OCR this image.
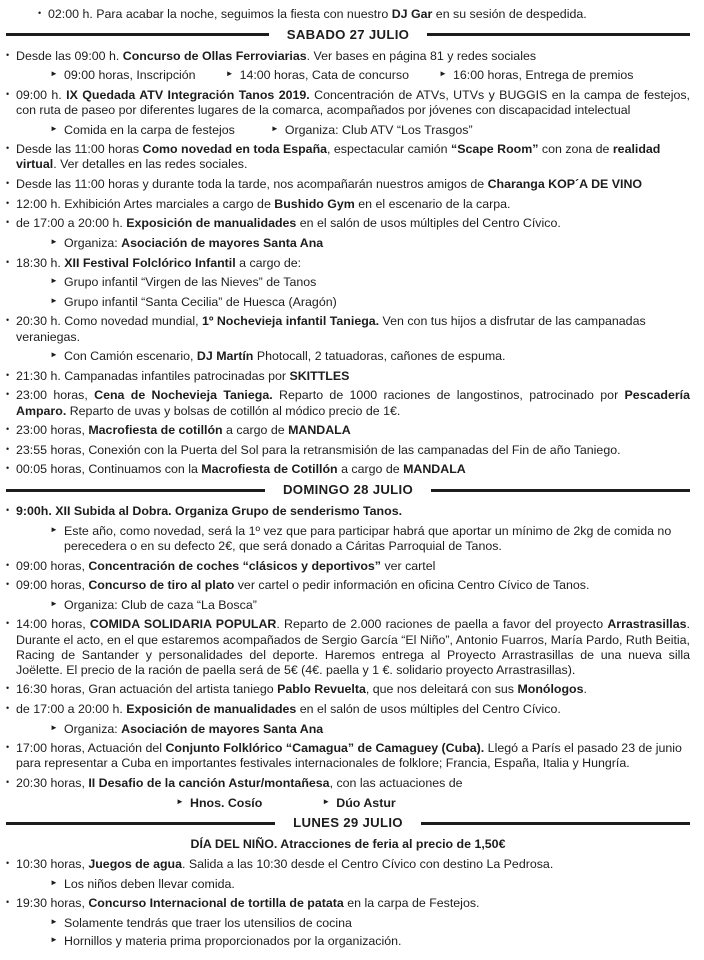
• 02:00 h. Para acabar la noche, seguimos la fiesta con nuestro DJ Gar en su sesión de despedida.
SABADO 27 JULIO
• Desde las 09:00 h. Concurso de Ollas Ferroviarias. Ver bases en página 81 y redes sociales
► 09:00 horas, Inscripción	► 14:00 horas, Cata de concurso	► 16:00 horas, Entrega de premios
• 09:00 h. IX Quedada ATV Integración Tanos 2019. Concentración de ATVs, UTVs y BUGGIS en la campa de festejos, con ruta de paseo por diferentes lugares de la comarca, acompañados por jóvenes con discapacidad intelectual
► Comida en la carpa de festejos	► Organiza: Club ATV “Los Trasgos”
• Desde las 11:00 horas Como novedad en toda España, espectacular camión “Scape Room” con zona de realidad virtual. Ver detalles en las redes sociales.
• Desde las 11:00 horas y durante toda la tarde, nos acompañarán nuestros amigos de Charanga KOP´A DE VINO
• 12:00 h. Exhibición Artes marciales a cargo de Bushido Gym en el escenario de la carpa.
• de 17:00 a 20:00 h. Exposición de manualidades en el salón de usos múltiples del Centro Cívico.
► Organiza: Asociación de mayores Santa Ana
• 18:30 h. XII Festival Folclórico Infantil a cargo de:
► Grupo infantil “Virgen de las Nieves” de Tanos
► Grupo infantil “Santa Cecilia” de Huesca (Aragón)
• 20:30 h. Como novedad mundial, 1º Nochevieja infantil Taniega. Ven con tus hijos a disfrutar de las campanadas veraniegas.
► Con Camión escenario, DJ Martín Photocall, 2 tatuadoras, cañones de espuma.
• 21:30 h. Campanadas infantiles patrocinadas por SKITTLES
• 23:00 horas, Cena de Nochevieja Taniega. Reparto de 1000 raciones de langostinos, patrocinado por Pescadería Amparo. Reparto de uvas y bolsas de cotillón al módico precio de 1€.
• 23:00 horas, Macrofiesta de cotillón a cargo de MANDALA
• 23:55 horas, Conexión con la Puerta del Sol para la retransmisión de las campanadas del Fin de año Taniego.
• 00:05 horas, Continuamos con la Macrofiesta de Cotillón a cargo de MANDALA
DOMINGO 28 JULIO
• 9:00h. XII Subida al Dobra. Organiza Grupo de senderismo Tanos.
► Este año, como novedad, será la 1º vez que para participar habrá que aportar un mínimo de 2kg de comida no perecedera o en su defecto 2€, que será donado a Cáritas Parroquial de Tanos.
• 09:00 horas, Concentración de coches “clásicos y deportivos” ver cartel
• 09:00 horas, Concurso de tiro al plato ver cartel o pedir información en oficina Centro Cívico de Tanos.
► Organiza: Club de caza “La Bosca”
• 14:00 horas, COMIDA SOLIDARIA POPULAR. Reparto de 2.000 raciones de paella a favor del proyecto Arrastrasillas. Durante el acto, en el que estaremos acompañados de Sergio García “El Niño”, Antonio Fuarros, María Pardo, Ruth Beitia, Racing de Santander y personalidades del deporte. Haremos entrega al Proyecto Arrastrasillas de una nueva silla Joëlette. El precio de la ración de paella será de 5€ (4€. paella y 1 €. solidario proyecto Arrastrasillas).
• 16:30 horas, Gran actuación del artista taniego Pablo Revuelta, que nos deleitará con sus Monólogos.
• de 17:00 a 20:00 h. Exposición de manualidades en el salón de usos múltiples del Centro Cívico.
► Organiza: Asociación de mayores Santa Ana
• 17:00 horas, Actuación del Conjunto Folklórico “Camagua” de Camaguey (Cuba). Llegó a París el pasado 23 de junio para representar a Cuba en importantes festivales internacionales de folklore; Francia, España, Italia y Hungría.
• 20:30 horas, II Desafio de la canción Astur/montañesa, con las actuaciones de
► Hnos. Cosío	► Dúo Astur
LUNES 29 JULIO
DÍA DEL NIÑO. Atracciones de feria al precio de 1,50€
• 10:30 horas, Juegos de agua. Salida a las 10:30 desde el Centro Cívico con destino La Pedrosa.
► Los niños deben llevar comida.
• 19:30 horas, Concurso Internacional de tortilla de patata en la carpa de Festejos.
► Solamente tendrás que traer los utensilios de cocina
► Hornillos y materia prima proporcionados por la organización.
